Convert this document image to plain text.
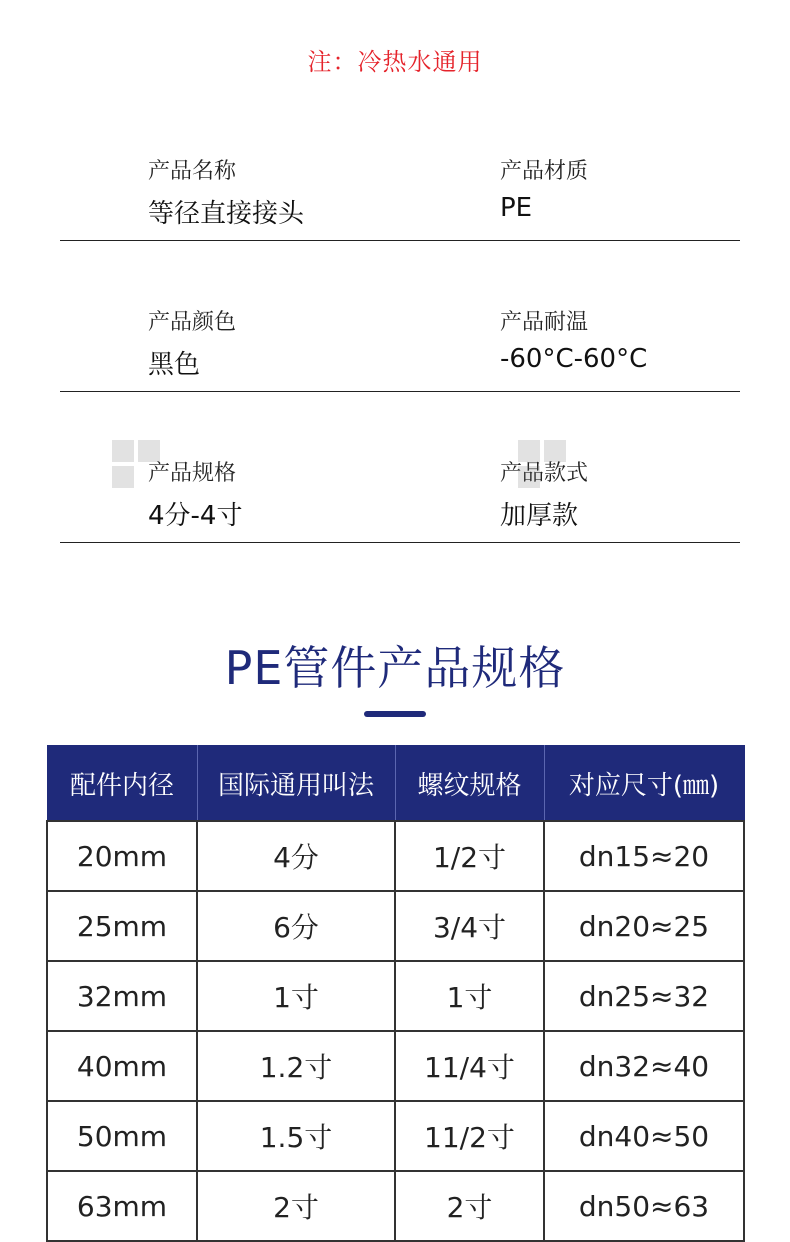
注：冷热水通用
产品名称
等径直接接头
产品材质
PE
产品颜色
黑色
产品耐温
-60°C-60°C
产品规格
4分-4寸
产品款式
加厚款
PE管件产品规格
配件内径	国际通用叫法	螺纹规格	对应尺寸(㎜)
20mm	4分	1/2寸	dn15≈20
25mm	6分	3/4寸	dn20≈25
32mm	1寸	1寸	dn25≈32
40mm	1.2寸	11/4寸	dn32≈40
50mm	1.5寸	11/2寸	dn40≈50
63mm	2寸	2寸	dn50≈63
